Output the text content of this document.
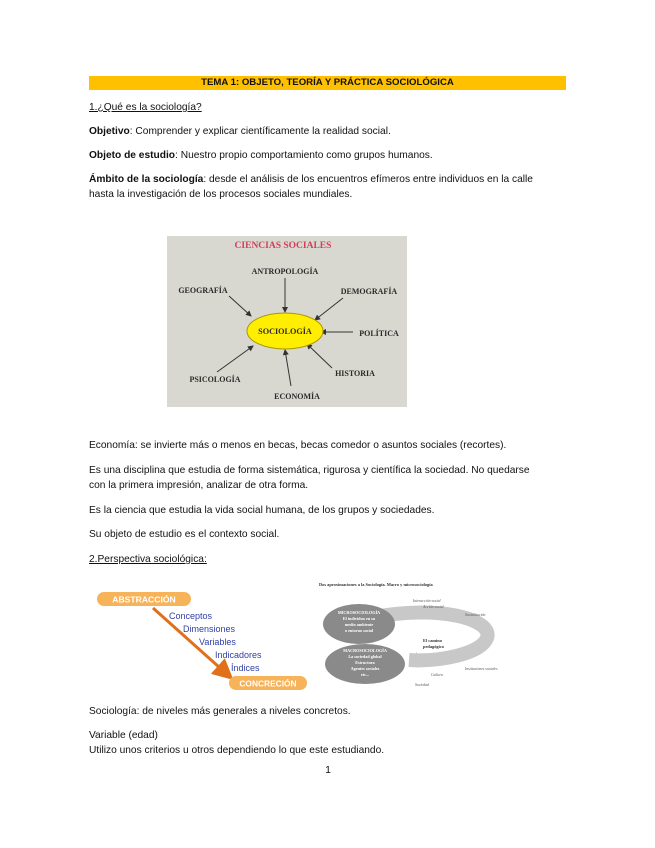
TEMA 1: OBJETO, TEORÍA Y PRÁCTICA SOCIOLÓGICA
1.¿Qué es la sociología?
Objetivo: Comprender y explicar científicamente la realidad social.
Objeto de estudio: Nuestro propio comportamiento como grupos humanos.
Ámbito de la sociología: desde el análisis de los encuentros efímeros entre individuos en la calle
hasta la investigación de los procesos sociales mundiales.
CIENCIAS SOCIALES
SOCIOLOGÍA
ANTROPOLOGÍA
GEOGRAFÍA	DEMOGRAFÍA
POLÍTICA
HISTORIA
ECONOMÍA
PSICOLOGÍA
Economía: se invierte más o menos en becas, becas comedor o asuntos sociales (recortes).
Es una disciplina que estudia de forma sistemática, rigurosa y científica la sociedad. No quedarse
con la primera impresión, analizar de otra forma.
Es la ciencia que estudia la vida social humana, de los grupos y sociedades.
Su objeto de estudio es el contexto social.
2.Perspectiva sociológica:
ABSTRACCIÓN
Conceptos
Dimensiones
Variables
Indicadores
Índices
CONCRECIÓN
Dos aproximaciones a la Sociología. Macro y microsociología
MICROSOCIOLOGÍA
El individuo en su
medio ambiente
o entorno social
MACROSOCIOLOGÍA
La sociedad global
Estructura
Agentes sociales
etc...
El camino
pedagógico
Interacción social
Acción social
Socialización
Instituciones sociales
Cultura
Sociedad
Sociología: de niveles más generales a niveles concretos.
Variable (edad)
Utilizo unos criterios u otros dependiendo lo que este estudiando.
1
